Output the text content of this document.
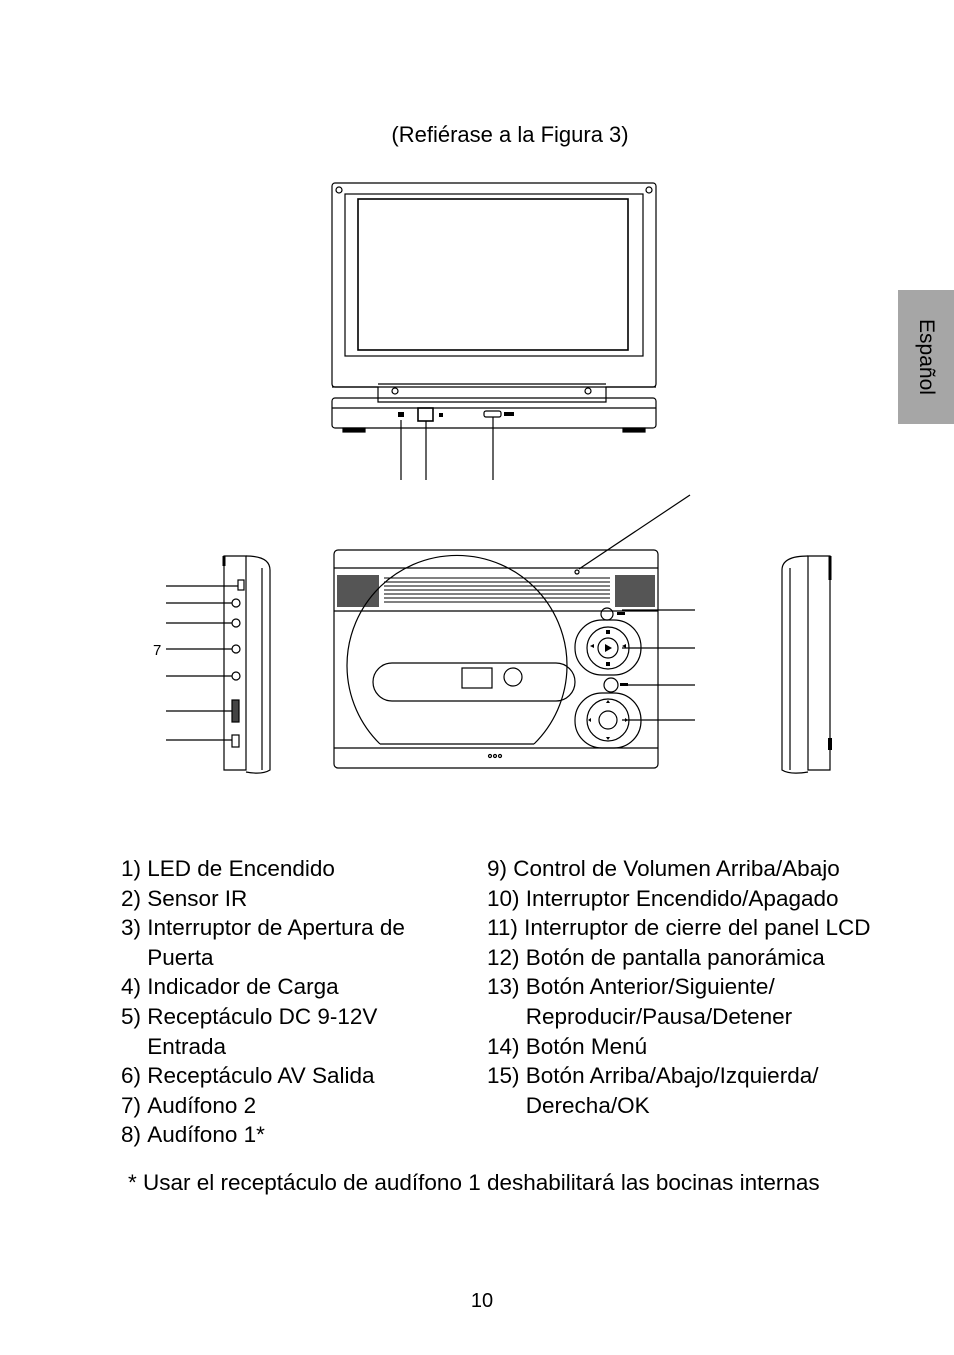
(Refiérase a la Figura 3)
Español
7
1) LED de Encendido
2) Sensor IR
3) Interruptor de Apertura de Puerta
4) Indicador de Carga
5) Receptáculo DC 9-12V Entrada
6) Receptáculo AV Salida
7) Audífono 2
8) Audífono 1*
9) Control de Volumen Arriba/Abajo
10) Interruptor Encendido/Apagado
11) Interruptor de cierre del panel LCD
12) Botón de pantalla panorámica
13) Botón Anterior/Siguiente/ Reproducir/Pausa/Detener
14) Botón Menú
15) Botón Arriba/Abajo/Izquierda/ Derecha/OK
* Usar el receptáculo de audífono 1 deshabilitará las bocinas internas
10
